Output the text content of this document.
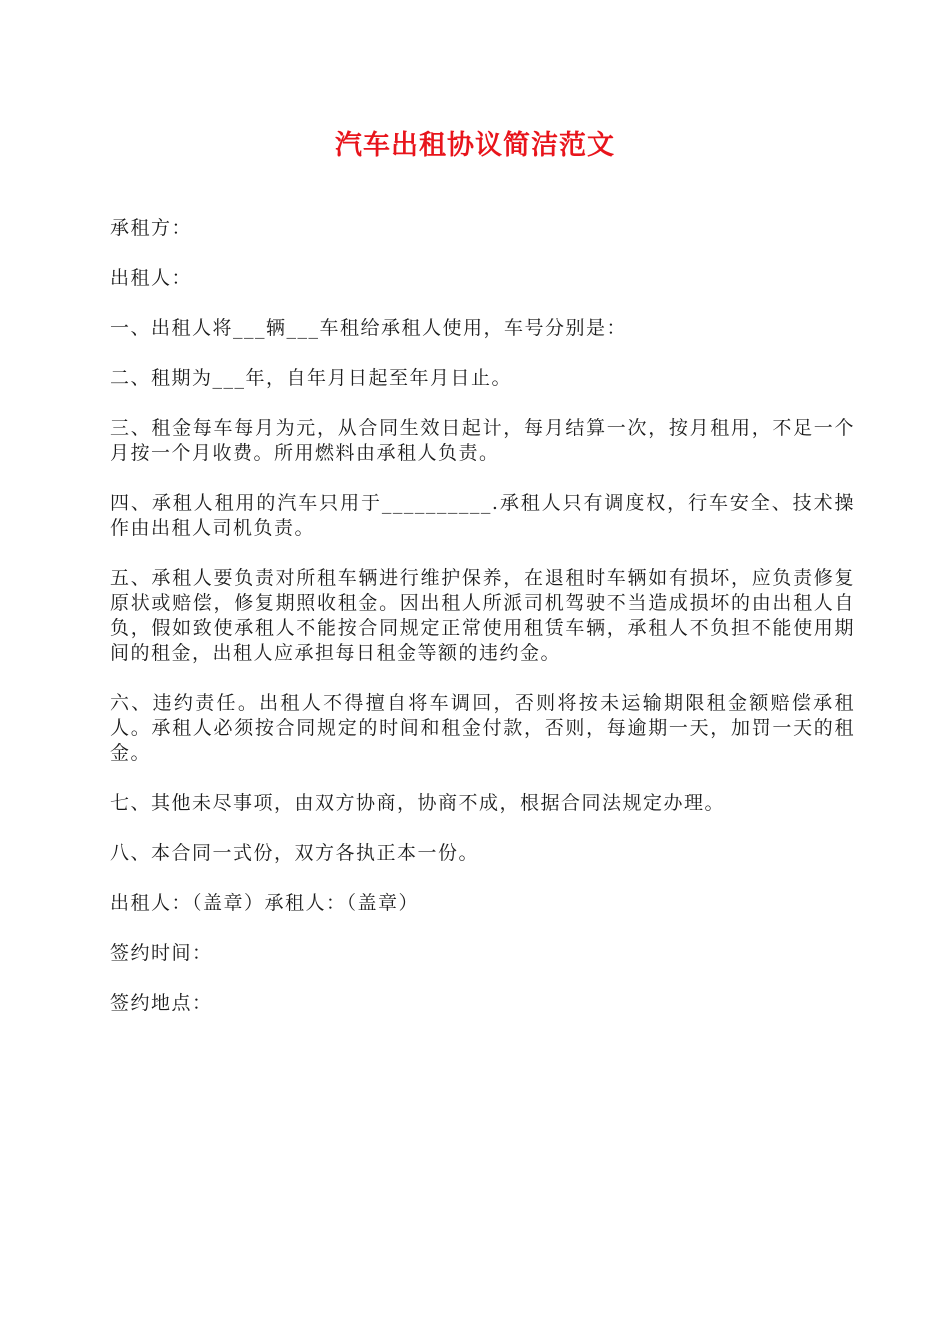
汽车出租协议简洁范文

承租方：

出租人：

一、出租人将___辆___车租给承租人使用，车号分别是：

二、租期为___年，自年月日起至年月日止。

三、租金每车每月为元，从合同生效日起计，每月结算一次，按月租用，不足一个月按一个月收费。所用燃料由承租人负责。

四、承租人租用的汽车只用于__________.承租人只有调度权，行车安全、技术操作由出租人司机负责。

五、承租人要负责对所租车辆进行维护保养，在退租时车辆如有损坏，应负责修复原状或赔偿，修复期照收租金。因出租人所派司机驾驶不当造成损坏的由出租人自负，假如致使承租人不能按合同规定正常使用租赁车辆，承租人不负担不能使用期间的租金，出租人应承担每日租金等额的违约金。

六、违约责任。出租人不得擅自将车调回，否则将按未运输期限租金额赔偿承租人。承租人必须按合同规定的时间和租金付款，否则，每逾期一天，加罚一天的租金。

七、其他未尽事项，由双方协商，协商不成，根据合同法规定办理。

八、本合同一式份，双方各执正本一份。

出租人：（盖章）承租人：（盖章）

签约时间：

签约地点：
